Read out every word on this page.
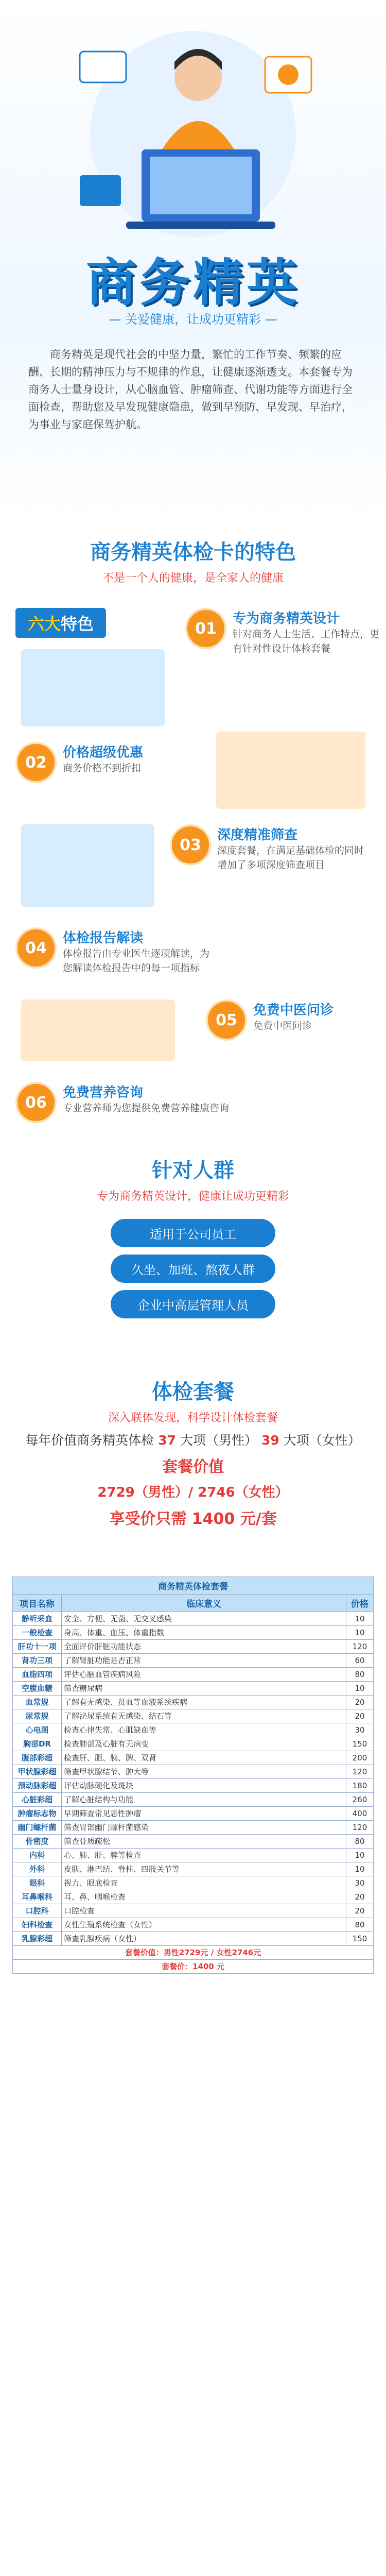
商务精英
— 关爱健康，让成功更精彩 —

商务精英是现代社会的中坚力量，繁忙的工作节奏、频繁的应酬、长期的精神压力与不规律的作息，让健康逐渐透支。本套餐专为商务人士量身设计，从心脑血管、肿瘤筛查、代谢功能等方面进行全面检查，帮助您及早发现健康隐患，做到早预防、早发现、早治疗，为事业与家庭保驾护航。

商务精英体检卡的特色
不是一个人的健康，是全家人的健康
六大特色	01
专为商务精英设计
针对商务人士生活、工作特点，更有针对性设计体检套餐
02
价格超级优惠
商务价格不到折扣
03
深度精准筛查
深度套餐，在满足基础体检的同时增加了多项深度筛查项目
04
体检报告解读
体检报告由专业医生逐项解读，为您解读体检报告中的每一项指标
05
免费中医问诊
免费中医问诊
06
免费营养咨询
专业营养师为您提供免费营养健康咨询
针对人群
专为商务精英设计，健康让成功更精彩
适用于公司员工
久坐、加班、熬夜人群
企业中高层管理人员
体检套餐
深入联体发现，科学设计体检套餐
每年价值商务精英体检 37 大项（男性） 39 大项（女性）
套餐价值
2729（男性）/ 2746（女性）
享受价只需 1400 元/套
商务精英体检套餐		
项目名称	临床意义	价格
静听采血	安全、方便、无菌、无交叉感染	10
一般检查	身高、体重、血压、体重指数	10
肝功十一项	全面评价肝脏功能状态	120
肾功三项	了解肾脏功能是否正常	60
血脂四项	评估心脑血管疾病风险	80
空腹血糖	筛查糖尿病	10
血常规	了解有无感染、贫血等血液系统疾病	20
尿常规	了解泌尿系统有无感染、结石等	20
心电图	检查心律失常、心肌缺血等	30
胸部DR	检查肺部及心脏有无病变	150
腹部彩超	检查肝、胆、胰、脾、双肾	200
甲状腺彩超	筛查甲状腺结节、肿大等	120
颈动脉彩超	评估动脉硬化及斑块	180
心脏彩超	了解心脏结构与功能	260
肿瘤标志物	早期筛查常见恶性肿瘤	400
幽门螺杆菌	筛查胃部幽门螺杆菌感染	120
骨密度	筛查骨质疏松	80
内科	心、肺、肝、脾等检查	10
外科	皮肤、淋巴结、脊柱、四肢关节等	10
眼科	视力、眼底检查	30
耳鼻喉科	耳、鼻、咽喉检查	20
口腔科	口腔检查	20
妇科检查	女性生殖系统检查（女性）	80
乳腺彩超	筛查乳腺疾病（女性）	150
套餐价值：男性2729元 / 女性2746元		
套餐价：1400 元		
